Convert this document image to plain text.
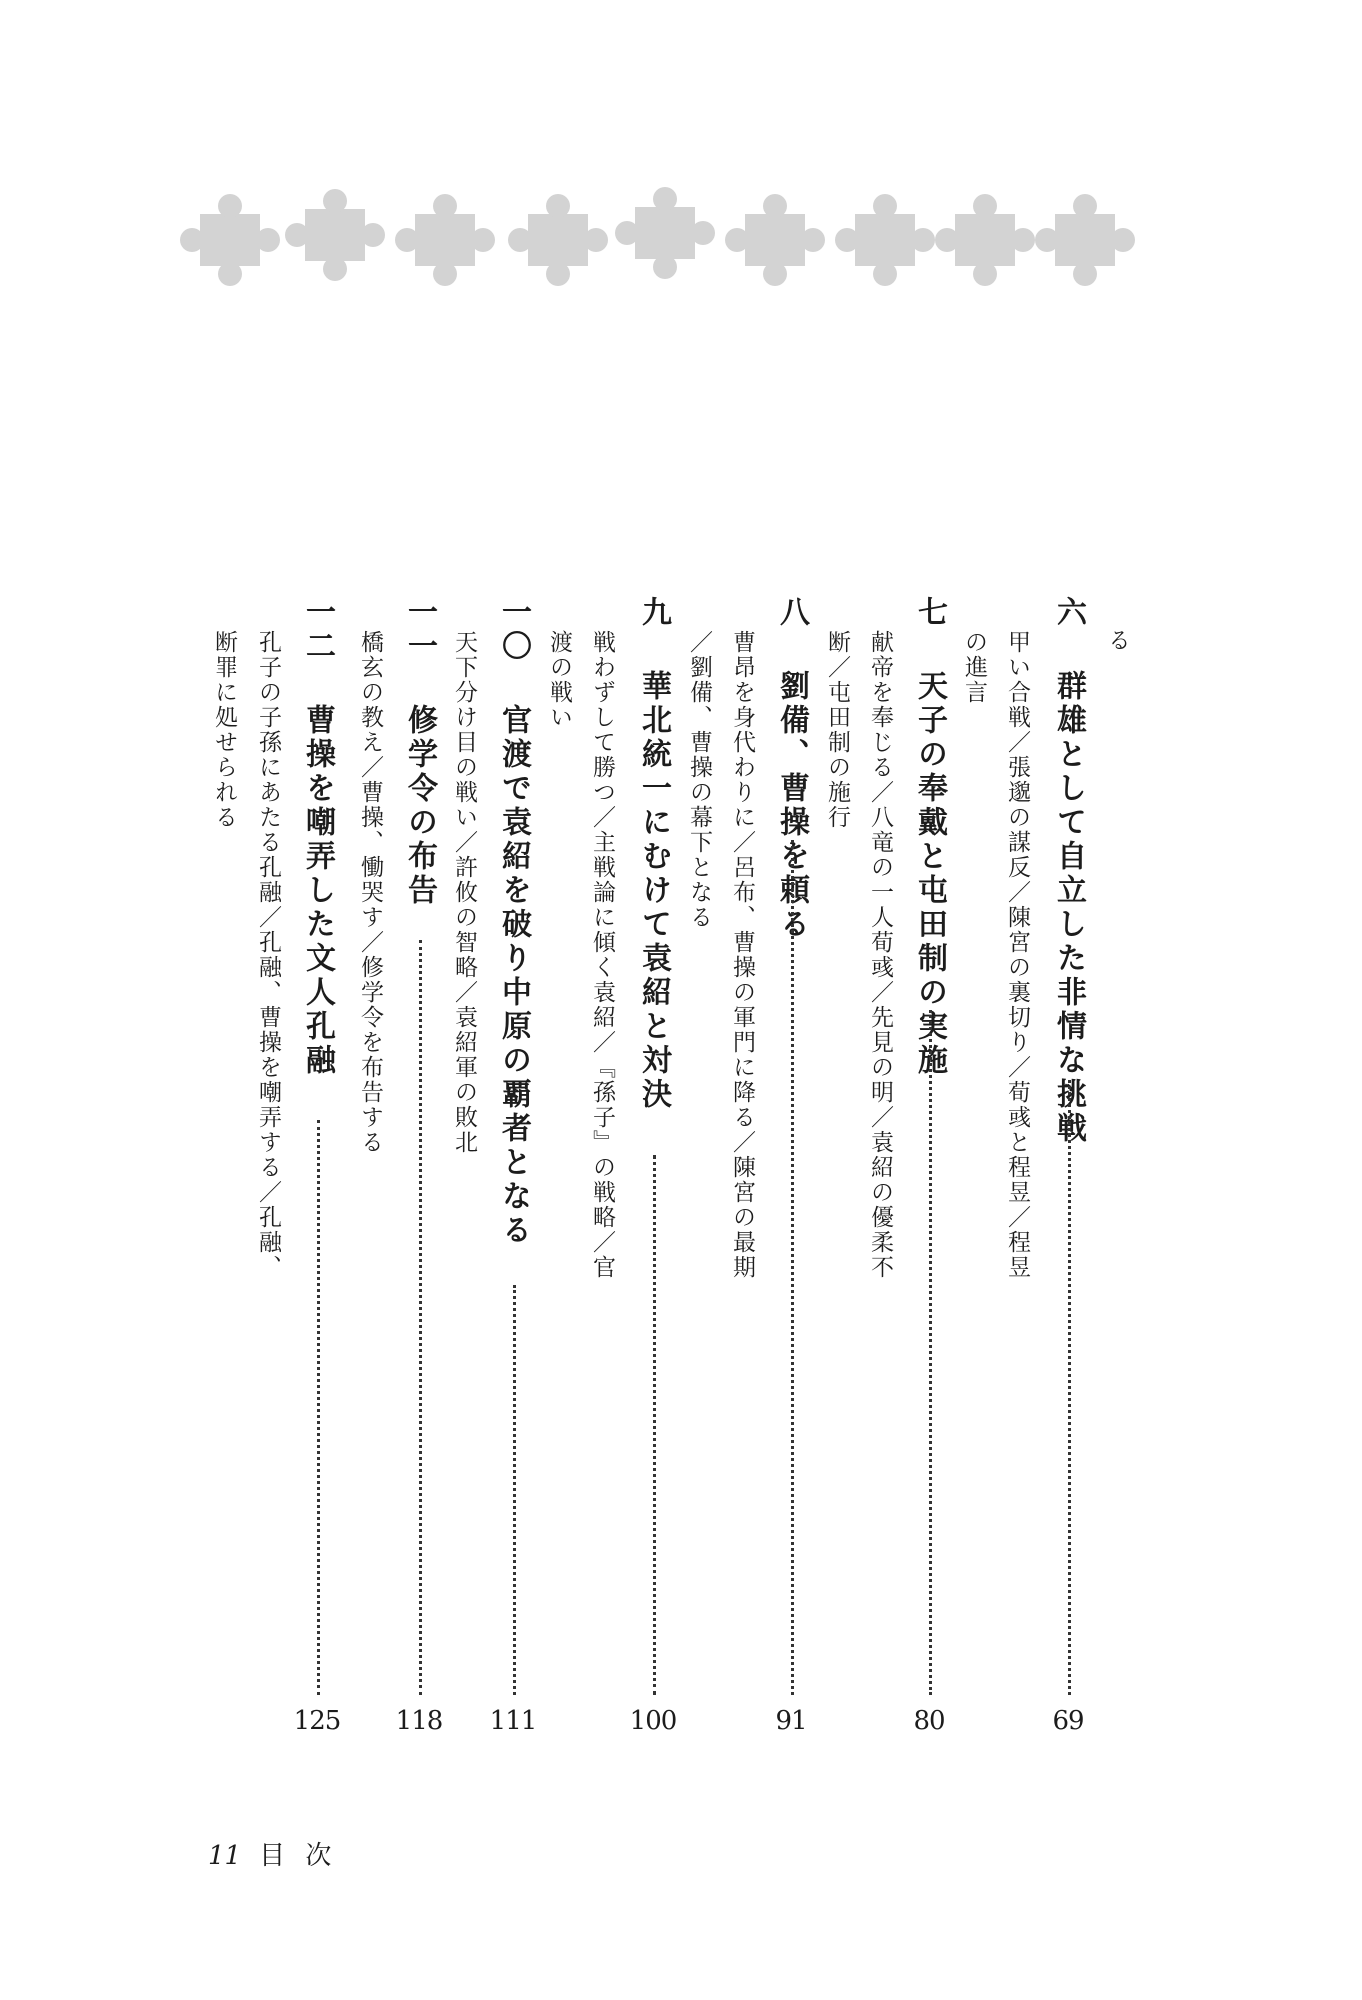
る
六群雄として自立した非情な挑戦
甲い合戦／張邈の謀反／陳宮の裏切り／荀彧と程昱／程昱
の進言
69
七天子の奉戴と屯田制の実施
献帝を奉じる／八竜の一人荀彧／先見の明／袁紹の優柔不
断／屯田制の施行
80
八劉備、曹操を頼る
曹昂を身代わりに／呂布、曹操の軍門に降る／陳宮の最期
／劉備、曹操の幕下となる
91
九華北統一にむけて袁紹と対決
戦わずして勝つ／主戦論に傾く袁紹／『孫子』の戦略／官
渡の戦い
100
一〇官渡で袁紹を破り中原の覇者となる
天下分け目の戦い／許攸の智略／袁紹軍の敗北
111
一一修学令の布告
橋玄の教え／曹操、慟哭す／修学令を布告する
118
一二曹操を嘲弄した文人孔融
孔子の子孫にあたる孔融／孔融、曹操を嘲弄する／孔融、
断罪に処せられる
125
11 目 次
